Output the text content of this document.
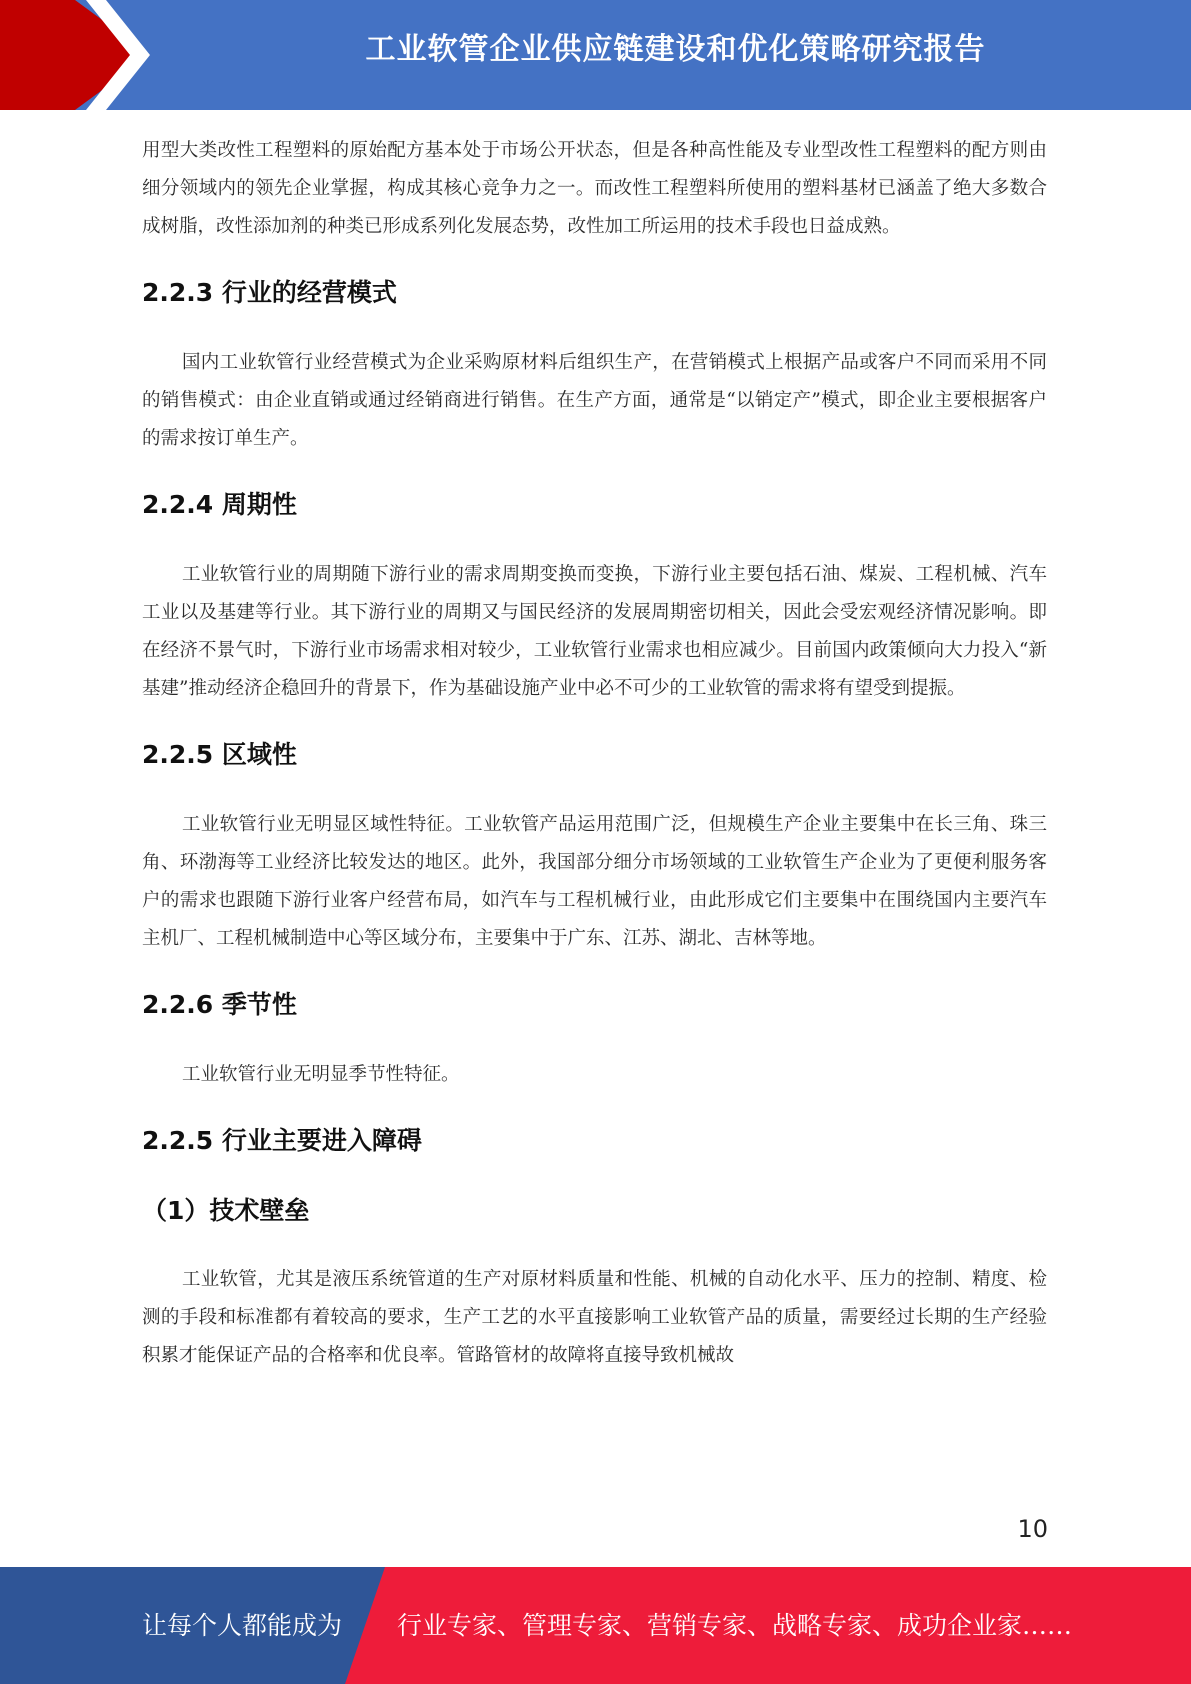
工业软管企业供应链建设和优化策略研究报告

用型大类改性工程塑料的原始配方基本处于市场公开状态，但是各种高性能及专业型改性工程塑料的配方则由细分领域内的领先企业掌握，构成其核心竞争力之一。而改性工程塑料所使用的塑料基材已涵盖了绝大多数合成树脂，改性添加剂的种类已形成系列化发展态势，改性加工所运用的技术手段也日益成熟。

2.2.3 行业的经营模式

国内工业软管行业经营模式为企业采购原材料后组织生产，在营销模式上根据产品或客户不同而采用不同的销售模式：由企业直销或通过经销商进行销售。在生产方面，通常是“以销定产”模式，即企业主要根据客户的需求按订单生产。

2.2.4 周期性

工业软管行业的周期随下游行业的需求周期变换而变换，下游行业主要包括石油、煤炭、工程机械、汽车工业以及基建等行业。其下游行业的周期又与国民经济的发展周期密切相关，因此会受宏观经济情况影响。即在经济不景气时，下游行业市场需求相对较少，工业软管行业需求也相应减少。目前国内政策倾向大力投入“新基建”推动经济企稳回升的背景下，作为基础设施产业中必不可少的工业软管的需求将有望受到提振。

2.2.5 区域性

工业软管行业无明显区域性特征。工业软管产品运用范围广泛，但规模生产企业主要集中在长三角、珠三角、环渤海等工业经济比较发达的地区。此外，我国部分细分市场领域的工业软管生产企业为了更便利服务客户的需求也跟随下游行业客户经营布局，如汽车与工程机械行业，由此形成它们主要集中在围绕国内主要汽车主机厂、工程机械制造中心等区域分布，主要集中于广东、江苏、湖北、吉林等地。

2.2.6 季节性

工业软管行业无明显季节性特征。

2.2.5 行业主要进入障碍
（1）技术壁垒

工业软管，尤其是液压系统管道的生产对原材料质量和性能、机械的自动化水平、压力的控制、精度、检测的手段和标准都有着较高的要求，生产工艺的水平直接影响工业软管产品的质量，需要经过长期的生产经验积累才能保证产品的合格率和优良率。管路管材的故障将直接导致机械故

10
让每个人都能成为 行业专家、管理专家、营销专家、战略专家、成功企业家……
